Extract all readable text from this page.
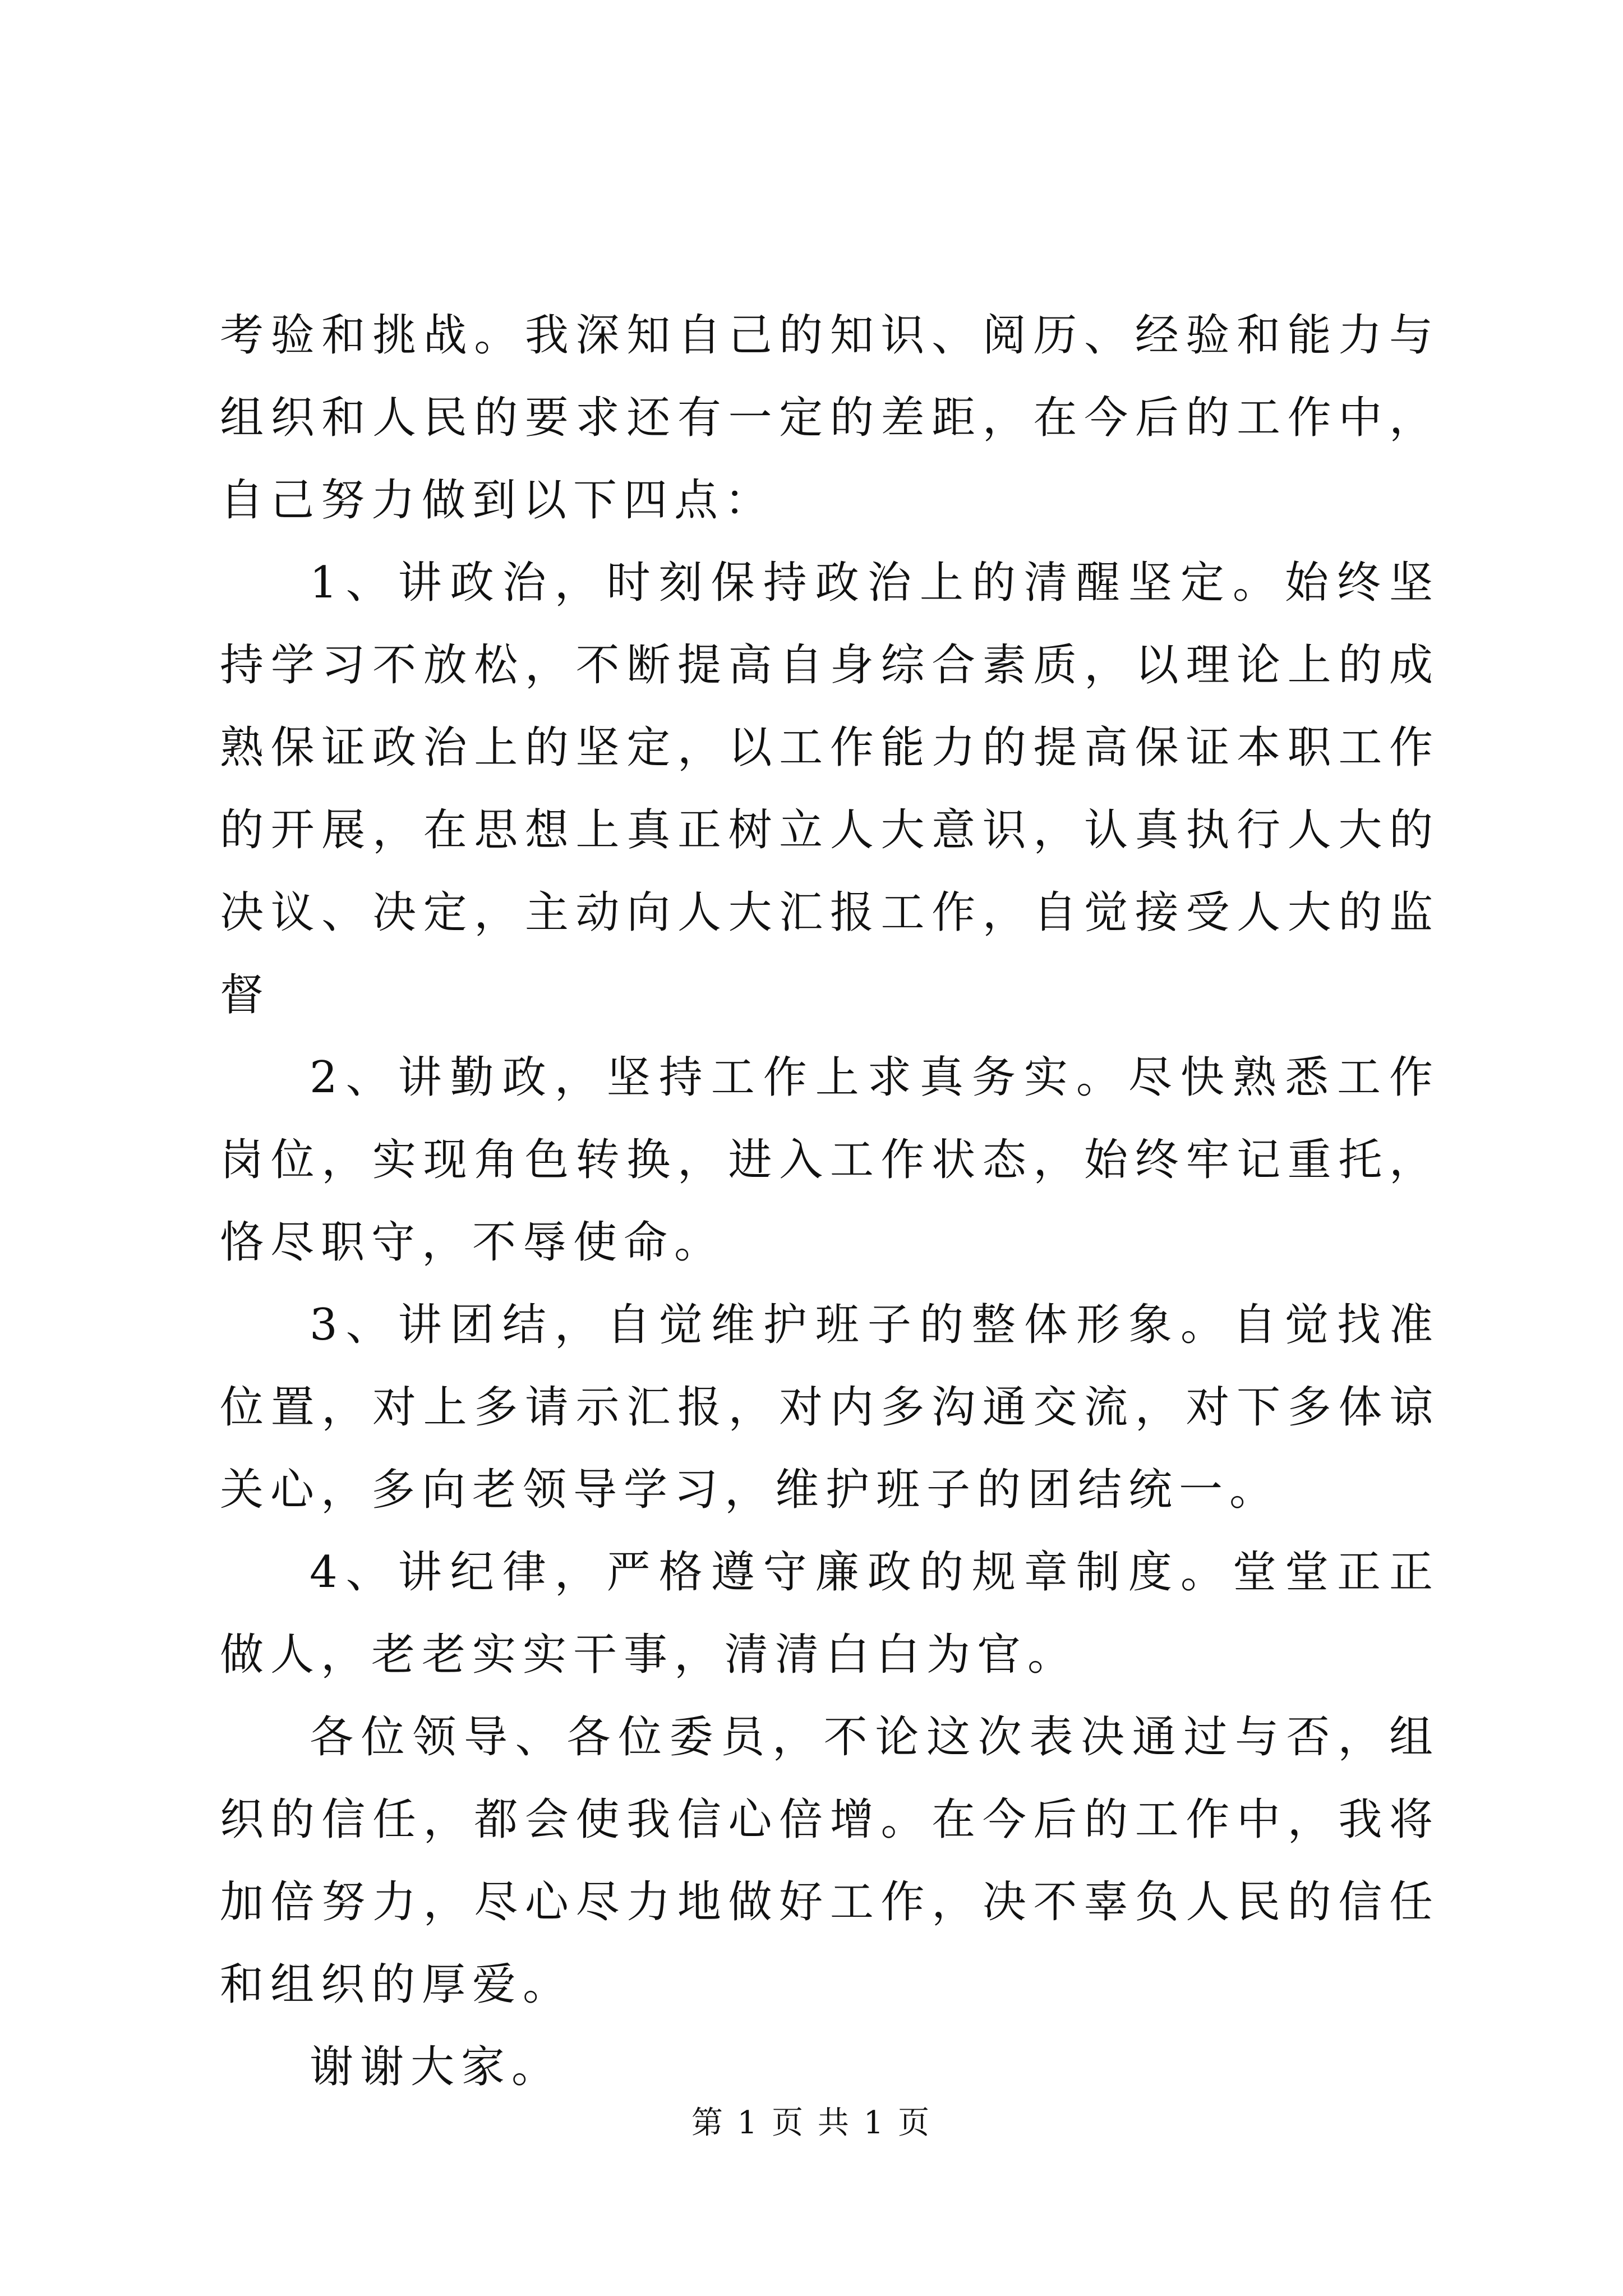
考验和挑战。我深知自己的知识、阅历、经验和能力与组织和人民的要求还有一定的差距，在今后的工作中，自己努力做到以下四点：

1、讲政治，时刻保持政治上的清醒坚定。始终坚持学习不放松，不断提高自身综合素质，以理论上的成熟保证政治上的坚定，以工作能力的提高保证本职工作的开展，在思想上真正树立人大意识，认真执行人大的决议、决定，主动向人大汇报工作，自觉接受人大的监督

2、讲勤政，坚持工作上求真务实。尽快熟悉工作岗位，实现角色转换，进入工作状态，始终牢记重托，恪尽职守，不辱使命。

3、讲团结，自觉维护班子的整体形象。自觉找准位置，对上多请示汇报，对内多沟通交流，对下多体谅关心，多向老领导学习，维护班子的团结统一。

4、讲纪律，严格遵守廉政的规章制度。堂堂正正做人，老老实实干事，清清白白为官。

各位领导、各位委员，不论这次表决通过与否，组织的信任，都会使我信心倍增。在今后的工作中，我将加倍努力，尽心尽力地做好工作，决不辜负人民的信任和组织的厚爱。

谢谢大家。

第 1 页 共 1 页
